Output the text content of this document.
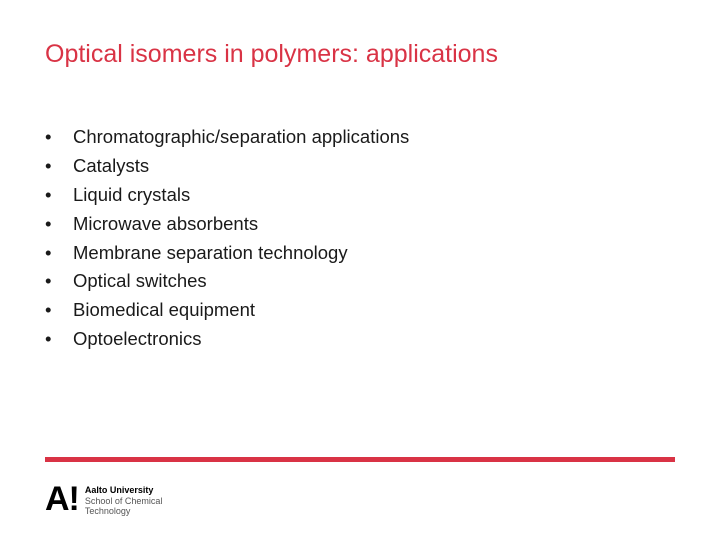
Optical isomers in polymers: applications
•	Chromatographic/separation applications
•	Catalysts
•	Liquid crystals
•	Microwave absorbents
•	Membrane separation technology
•	Optical switches
•	Biomedical equipment
•	Optoelectronics
A! Aalto University
School of Chemical
Technology
